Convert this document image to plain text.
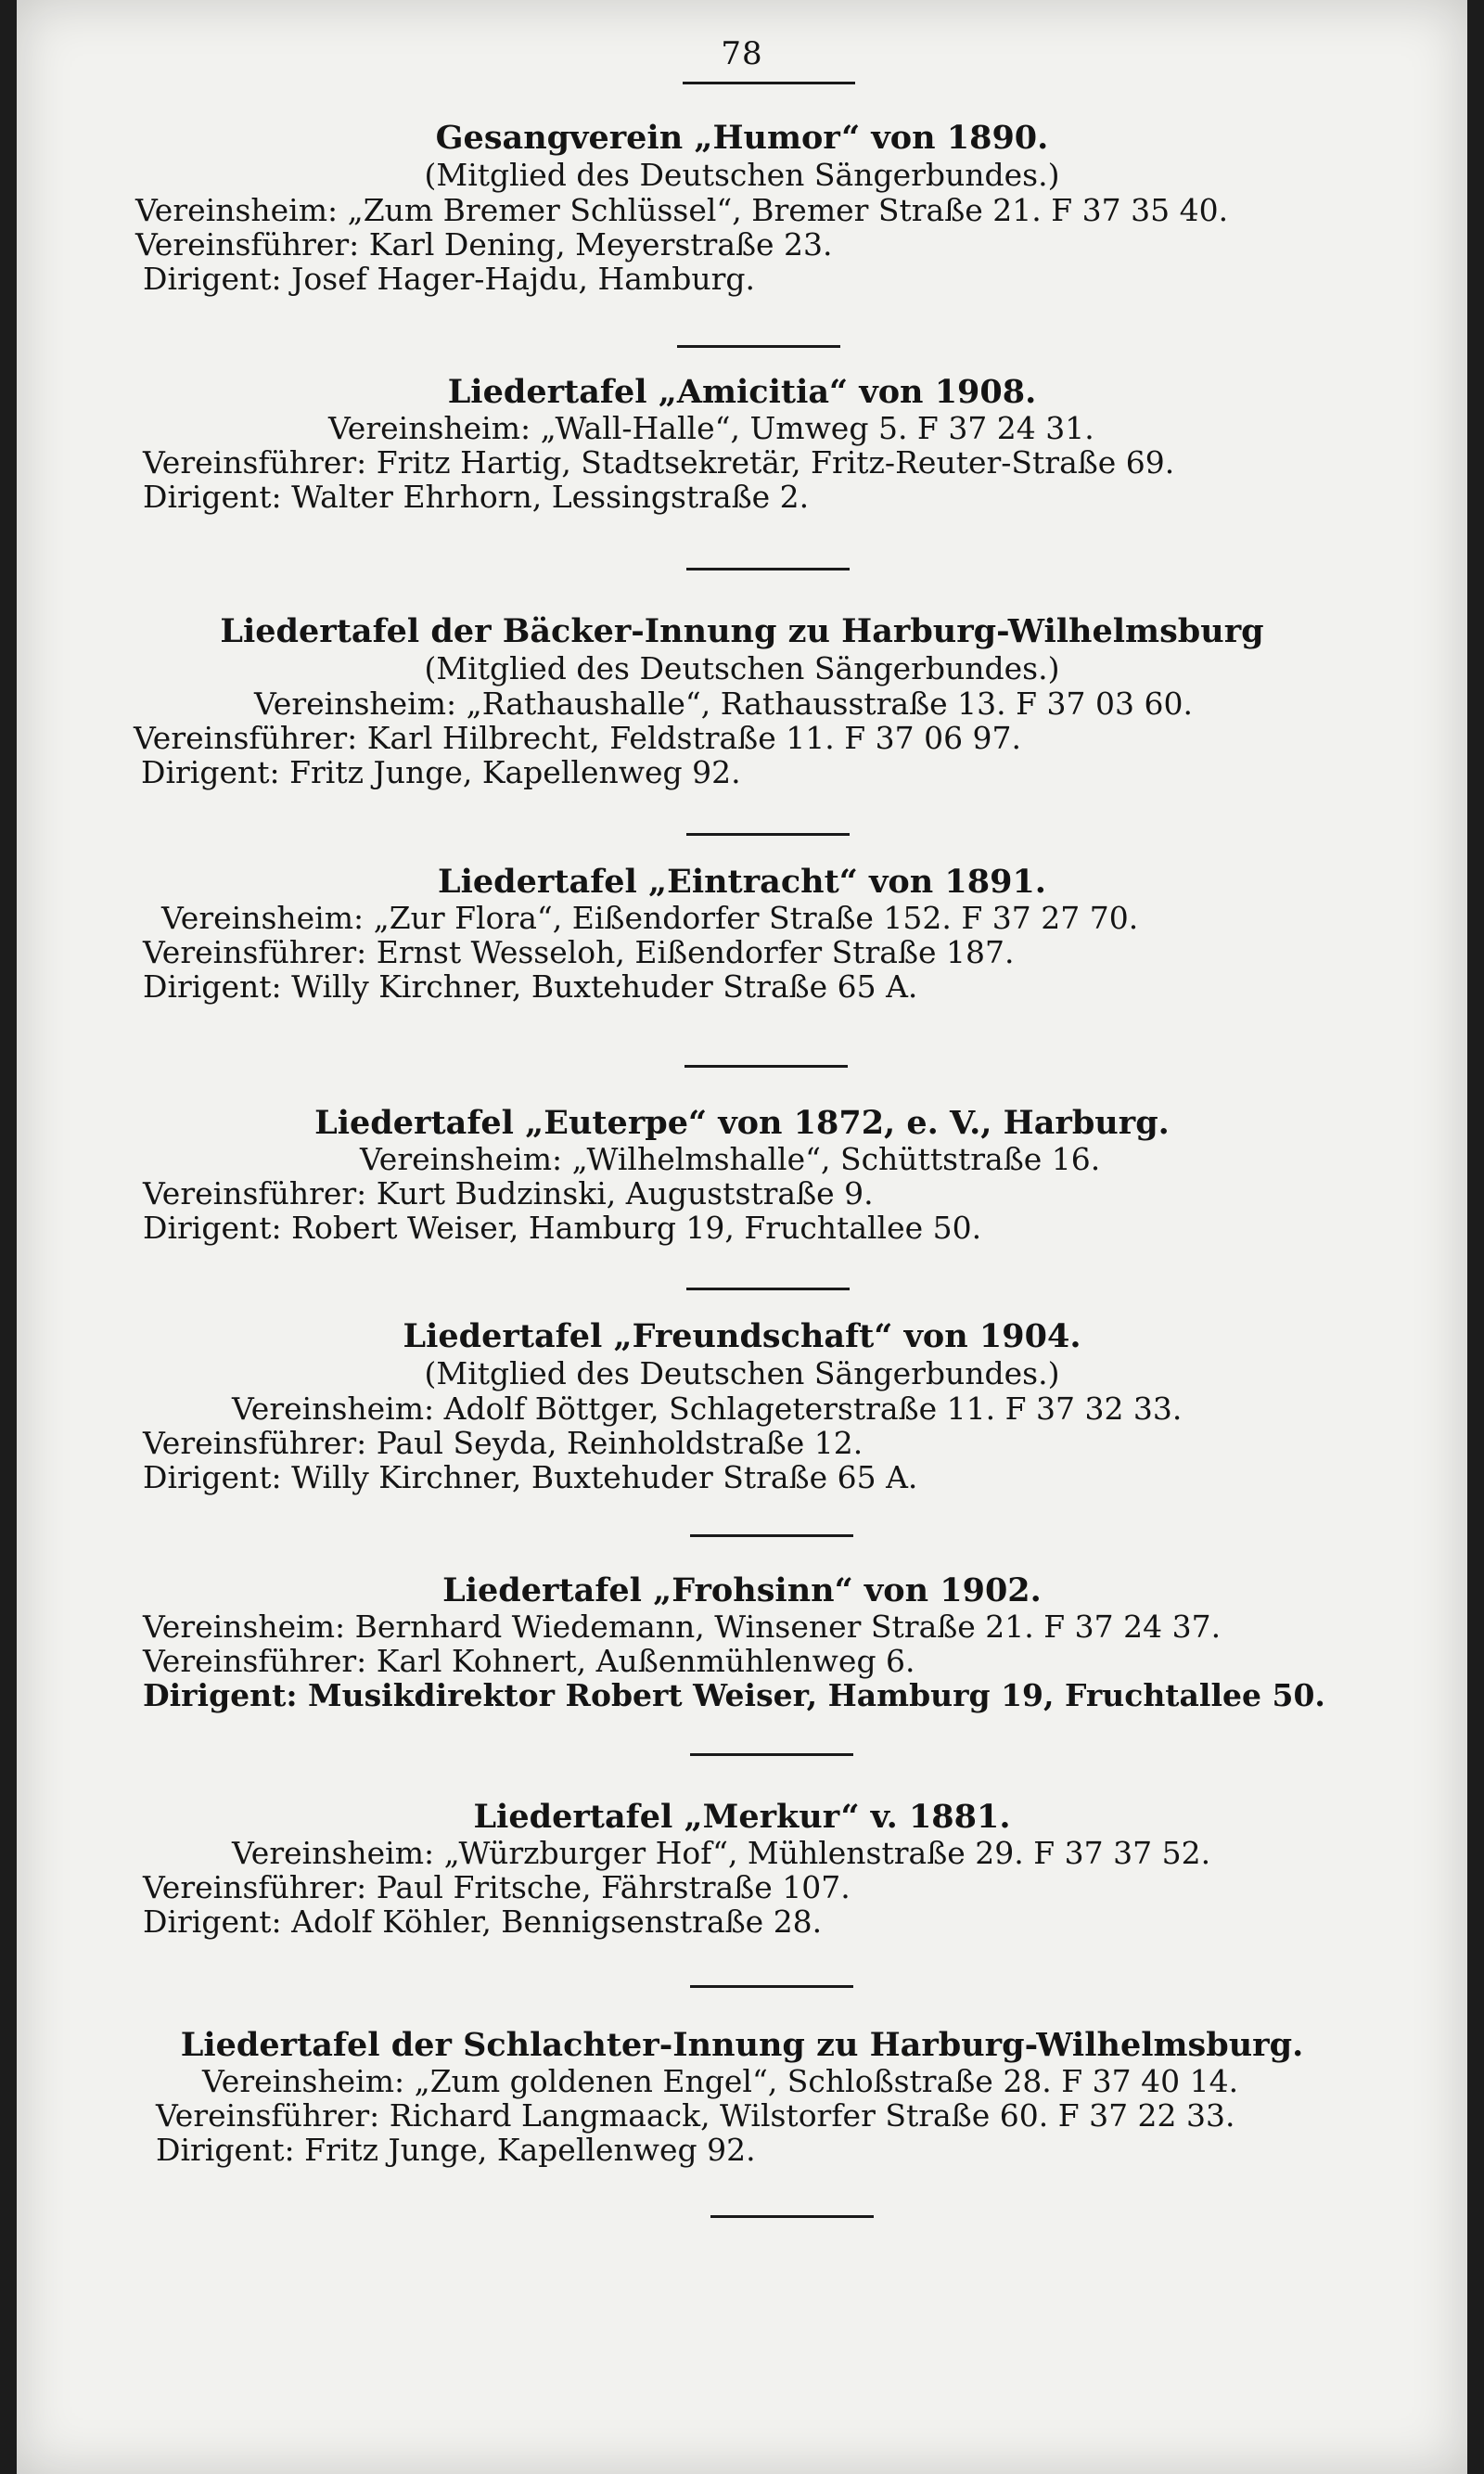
78
Gesangverein „Humor“ von 1890.
(Mitglied des Deutschen Sängerbundes.)
Vereinsheim: „Zum Bremer Schlüssel“, Bremer Straße 21. F 37 35 40.
Vereinsführer: Karl Dening, Meyerstraße 23.
Dirigent: Josef Hager-Hajdu, Hamburg.
Liedertafel „Amicitia“ von 1908.
Vereinsheim: „Wall-Halle“, Umweg 5. F 37 24 31.
Vereinsführer: Fritz Hartig, Stadtsekretär, Fritz-Reuter-Straße 69.
Dirigent: Walter Ehrhorn, Lessingstraße 2.
Liedertafel der Bäcker-Innung zu Harburg-Wilhelmsburg
(Mitglied des Deutschen Sängerbundes.)
Vereinsheim: „Rathaushalle“, Rathausstraße 13. F 37 03 60.
Vereinsführer: Karl Hilbrecht, Feldstraße 11. F 37 06 97.
Dirigent: Fritz Junge, Kapellenweg 92.
Liedertafel „Eintracht“ von 1891.
Vereinsheim: „Zur Flora“, Eißendorfer Straße 152. F 37 27 70.
Vereinsführer: Ernst Wesseloh, Eißendorfer Straße 187.
Dirigent: Willy Kirchner, Buxtehuder Straße 65 A.
Liedertafel „Euterpe“ von 1872, e. V., Harburg.
Vereinsheim: „Wilhelmshalle“, Schüttstraße 16.
Vereinsführer: Kurt Budzinski, Auguststraße 9.
Dirigent: Robert Weiser, Hamburg 19, Fruchtallee 50.
Liedertafel „Freundschaft“ von 1904.
(Mitglied des Deutschen Sängerbundes.)
Vereinsheim: Adolf Böttger, Schlageterstraße 11. F 37 32 33.
Vereinsführer: Paul Seyda, Reinholdstraße 12.
Dirigent: Willy Kirchner, Buxtehuder Straße 65 A.
Liedertafel „Frohsinn“ von 1902.
Vereinsheim: Bernhard Wiedemann, Winsener Straße 21. F 37 24 37.
Vereinsführer: Karl Kohnert, Außenmühlenweg 6.
Dirigent: Musikdirektor Robert Weiser, Hamburg 19, Fruchtallee 50.
Liedertafel „Merkur“ v. 1881.
Vereinsheim: „Würzburger Hof“, Mühlenstraße 29. F 37 37 52.
Vereinsführer: Paul Fritsche, Fährstraße 107.
Dirigent: Adolf Köhler, Bennigsenstraße 28.
Liedertafel der Schlachter-Innung zu Harburg-Wilhelmsburg.
Vereinsheim: „Zum goldenen Engel“, Schloßstraße 28. F 37 40 14.
Vereinsführer: Richard Langmaack, Wilstorfer Straße 60. F 37 22 33.
Dirigent: Fritz Junge, Kapellenweg 92.
